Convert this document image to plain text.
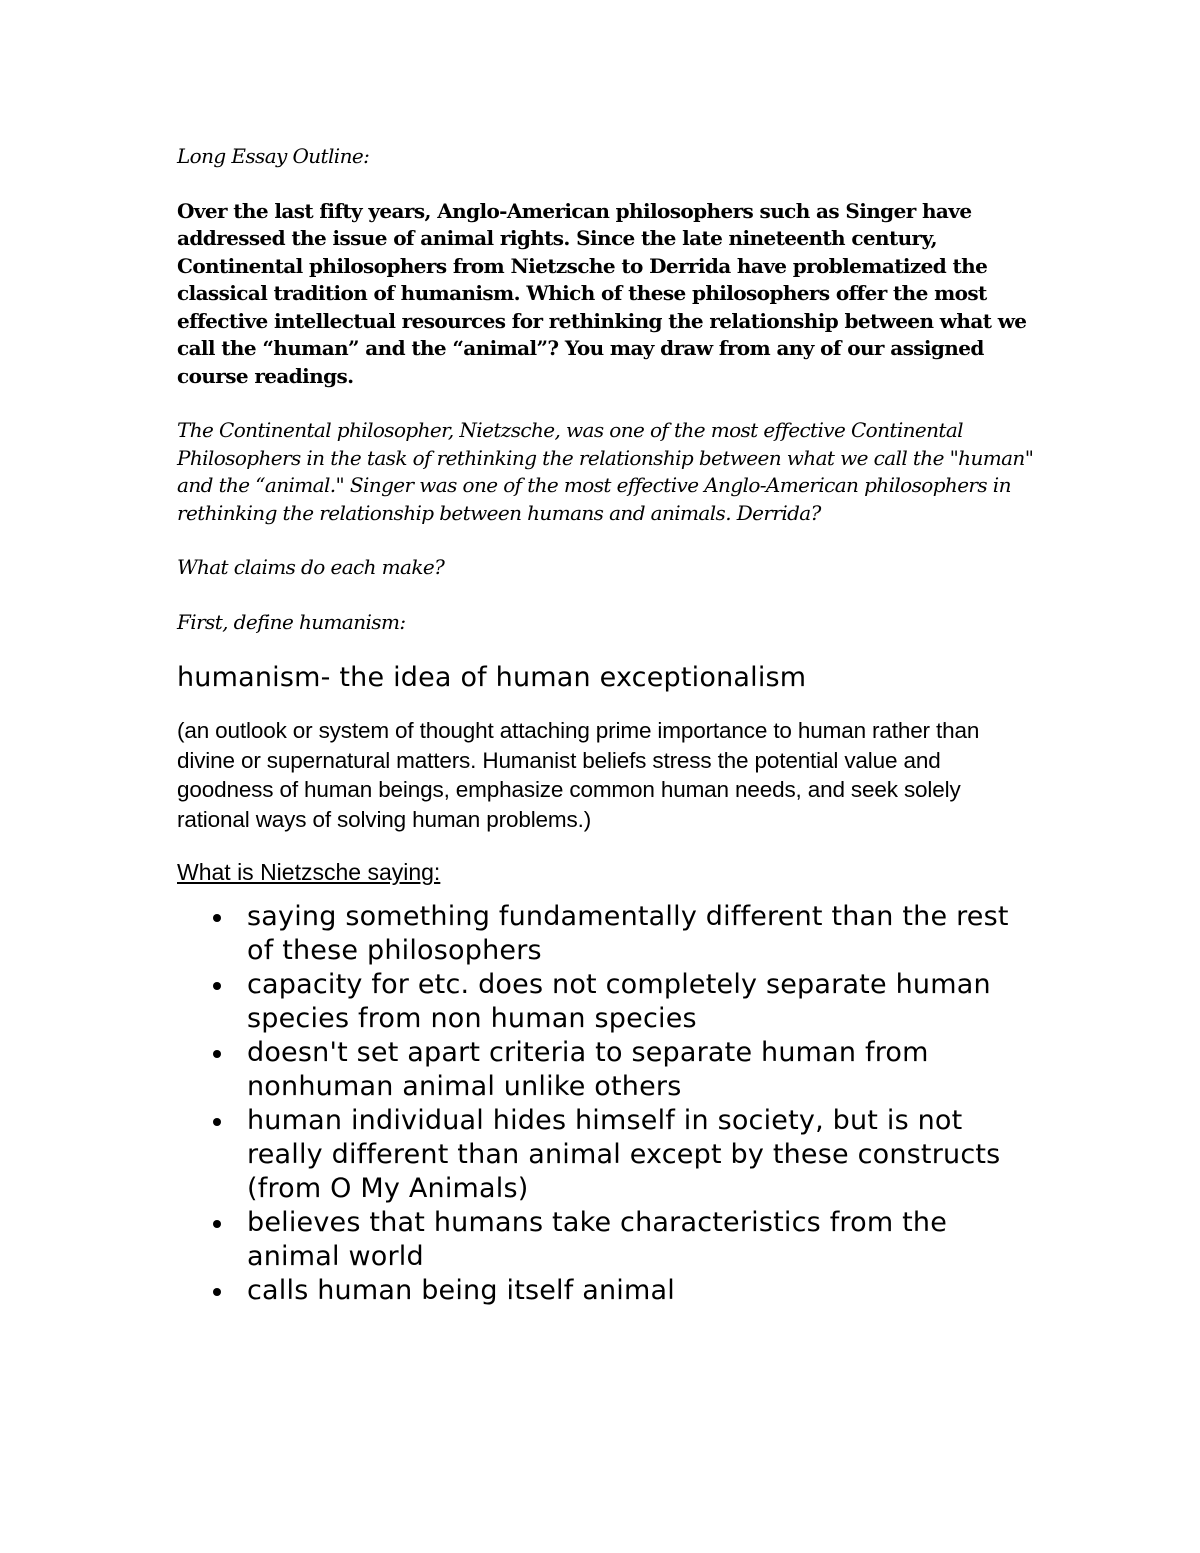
Long Essay Outline:

Over the last fifty years, Anglo-American philosophers such as Singer have addressed the issue of animal rights. Since the late nineteenth century, Continental philosophers from Nietzsche to Derrida have problematized the classical tradition of humanism. Which of these philosophers offer the most effective intellectual resources for rethinking the relationship between what we call the “human” and the “animal”? You may draw from any of our assigned course readings.

The Continental philosopher, Nietzsche, was one of the most effective Continental Philosophers in the task of rethinking the relationship between what we call the "human" and the “animal." Singer was one of the most effective Anglo-American philosophers in rethinking the relationship between humans and animals. Derrida?

What claims do each make?

First, define humanism:

humanism- the idea of human exceptionalism

(an outlook or system of thought attaching prime importance to human rather than divine or supernatural matters. Humanist beliefs stress the potential value and goodness of human beings, emphasize common human needs, and seek solely rational ways of solving human problems.)

What is Nietzsche saying:

saying something fundamentally different than the rest of these philosophers
capacity for etc. does not completely separate human species from non human species
doesn't set apart criteria to separate human from nonhuman animal unlike others
human individual hides himself in society, but is not really different than animal except by these constructs (from O My Animals)
believes that humans take characteristics from the animal world
calls human being itself animal
